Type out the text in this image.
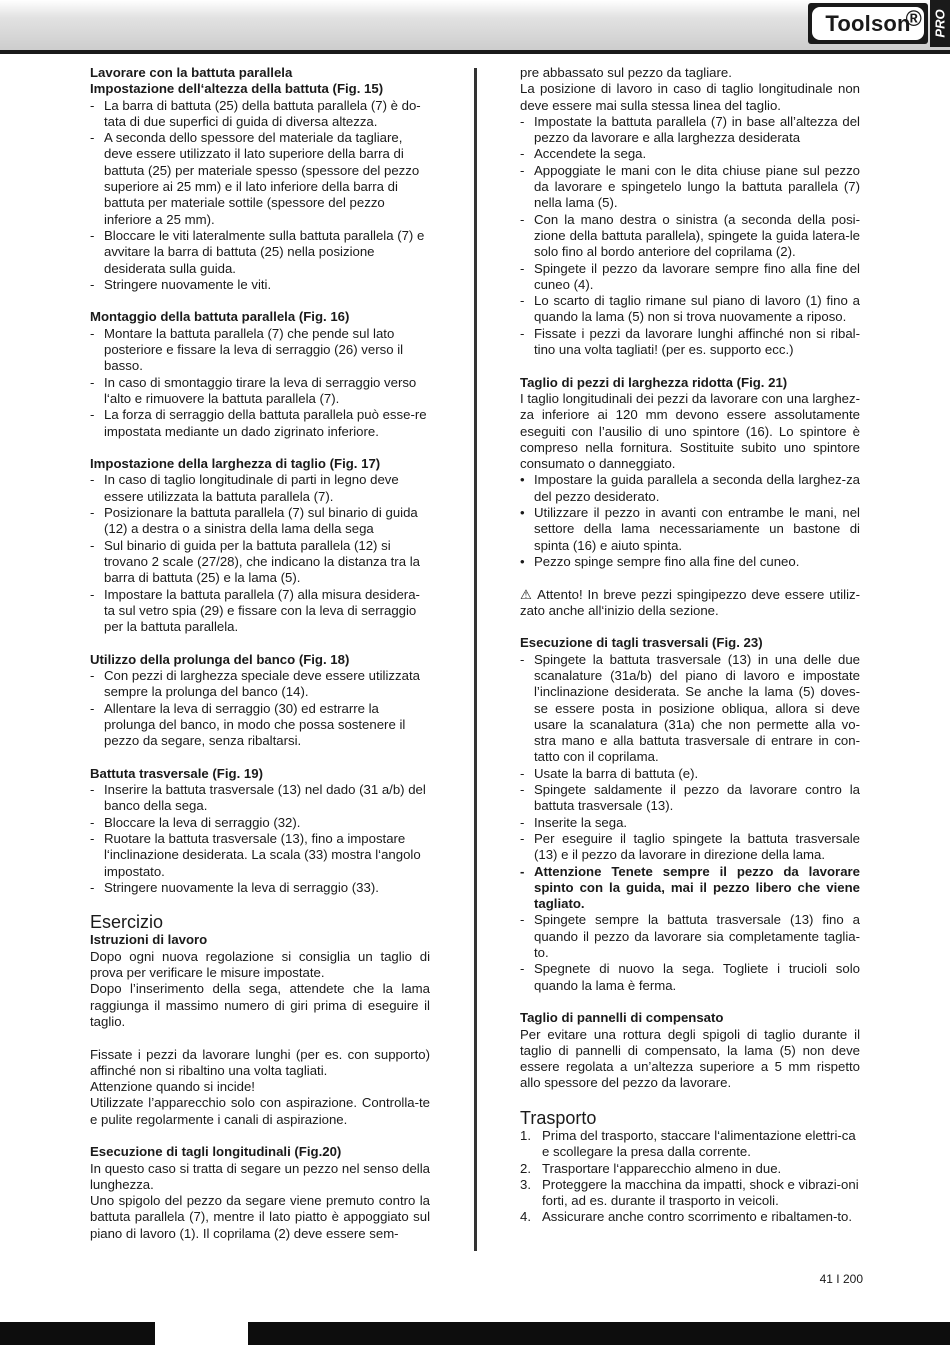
Toolson
® PRO
Lavorare con la battuta parallela
Impostazione dell‘altezza della battuta (Fig. 15)
- La barra di battuta (25) della battuta parallela (7) è do-tata di due superfici di guida di diversa altezza.
- A seconda dello spessore del materiale da tagliare, deve essere utilizzato il lato superiore della barra di battuta (25) per materiale spesso (spessore del pezzo superiore ai 25 mm) e il lato inferiore della barra di battuta per materiale sottile (spessore del pezzo inferiore a 25 mm).
- Bloccare le viti lateralmente sulla battuta parallela (7) e avvitare la barra di battuta (25) nella posizione desiderata sulla guida.
- Stringere nuovamente le viti.
Montaggio della battuta parallela (Fig. 16)
- Montare la battuta parallela (7) che pende sul lato posteriore e fissare la leva di serraggio (26) verso il basso.
- In caso di smontaggio tirare la leva di serraggio verso l‘alto e rimuovere la battuta parallela (7).
- La forza di serraggio della battuta parallela può esse-re impostata mediante un dado zigrinato inferiore.
Impostazione della larghezza di taglio (Fig. 17)
- In caso di taglio longitudinale di parti in legno deve essere utilizzata la battuta parallela (7).
- Posizionare la battuta parallela (7) sul binario di guida (12) a destra o a sinistra della lama della sega
- Sul binario di guida per la battuta parallela (12) si trovano 2 scale (27/28), che indicano la distanza tra la barra di battuta (25) e la lama (5).
- Impostare la battuta parallela (7) alla misura desidera-ta sul vetro spia (29) e fissare con la leva di serraggio per la battuta parallela.
Utilizzo della prolunga del banco (Fig. 18)
- Con pezzi di larghezza speciale deve essere utilizzata sempre la prolunga del banco (14).
- Allentare la leva di serraggio (30) ed estrarre la prolunga del banco, in modo che possa sostenere il pezzo da segare, senza ribaltarsi.
Battuta trasversale (Fig. 19)
- Inserire la battuta trasversale (13) nel dado (31 a/b) del banco della sega.
- Bloccare la leva di serraggio (32).
- Ruotare la battuta trasversale (13), fino a impostare l‘inclinazione desiderata. La scala (33) mostra l‘angolo impostato.
- Stringere nuovamente la leva di serraggio (33).
Esercizio
Istruzioni di lavoro

Dopo ogni nuova regolazione si consiglia un taglio di prova per verificare le misure impostate.

Dopo l’inserimento della sega, attendete che la lama raggiunga il massimo numero di giri prima di eseguire il taglio.

Fissate i pezzi da lavorare lunghi (per es. con supporto) affinché non si ribaltino una volta tagliati.

Attenzione quando si incide!

Utilizzate l’apparecchio solo con aspirazione. Controlla-te e pulite regolarmente i canali di aspirazione.

Esecuzione di tagli longitudinali (Fig.20)

In questo caso si tratta di segare un pezzo nel senso della lunghezza.

Uno spigolo del pezzo da segare viene premuto contro la battuta parallela (7), mentre il lato piatto è appoggiato sul piano di lavoro (1). Il coprilama (2) deve essere sem-

pre abbassato sul pezzo da tagliare.

La posizione di lavoro in caso di taglio longitudinale non deve essere mai sulla stessa linea del taglio.

- Impostate la battuta parallela (7) in base all’altezza del pezzo da lavorare e alla larghezza desiderata
- Accendete la sega.
- Appoggiate le mani con le dita chiuse piane sul pezzo da lavorare e spingetelo lungo la battuta parallela (7) nella lama (5).
- Con la mano destra o sinistra (a seconda della posi-zione della battuta parallela), spingete la guida latera-le solo fino al bordo anteriore del coprilama (2).
- Spingete il pezzo da lavorare sempre fino alla fine del cuneo (4).
- Lo scarto di taglio rimane sul piano di lavoro (1) fino a quando la lama (5) non si trova nuovamente a riposo.
- Fissate i pezzi da lavorare lunghi affinché non si ribal-tino una volta tagliati! (per es. supporto ecc.)
Taglio di pezzi di larghezza ridotta (Fig. 21)

I taglio longitudinali dei pezzi da lavorare con una larghez-za inferiore ai 120 mm devono essere assolutamente eseguiti con l’ausilio di uno spintore (16). Lo spintore è compreso nella fornitura. Sostituite subito uno spintore consumato o danneggiato.

• Impostare la guida parallela a seconda della larghez-za del pezzo desiderato.
• Utilizzare il pezzo in avanti con entrambe le mani, nel settore della lama necessariamente un bastone di spinta (16) e aiuto spinta.
• Pezzo spinge sempre fino alla fine del cuneo.

⚠ Attento! In breve pezzi spingipezzo deve essere utiliz-zato anche all‘inizio della sezione.

Esecuzione di tagli trasversali (Fig. 23)
- Spingete la battuta trasversale (13) in una delle due scanalature (31a/b) del piano di lavoro e impostate l’inclinazione desiderata. Se anche la lama (5) doves-se essere posta in posizione obliqua, allora si deve usare la scanalatura (31a) che non permette alla vo-stra mano e alla battuta trasversale di entrare in con-tatto con il coprilama.
- Usate la barra di battuta (e).
- Spingete saldamente il pezzo da lavorare contro la battuta trasversale (13).
- Inserite la sega.
- Per eseguire il taglio spingete la battuta trasversale (13) e il pezzo da lavorare in direzione della lama.
- Attenzione Tenete sempre il pezzo da lavorare spinto con la guida, mai il pezzo libero che viene tagliato.
- Spingete sempre la battuta trasversale (13) fino a quando il pezzo da lavorare sia completamente taglia-to.
- Spegnete di nuovo la sega. Togliete i trucioli solo quando la lama è ferma.
Taglio di pannelli di compensato

Per evitare una rottura degli spigoli di taglio durante il taglio di pannelli di compensato, la lama (5) non deve essere regolata a un’altezza superiore a 5 mm rispetto allo spessore del pezzo da lavorare.

Trasporto
1. Prima del trasporto, staccare l‘alimentazione elettri-ca e scollegare la presa dalla corrente.
2. Trasportare l‘apparecchio almeno in due.
3. Proteggere la macchina da impatti, shock e vibrazi-oni forti, ad es. durante il trasporto in veicoli.
4. Assicurare anche contro scorrimento e ribaltamen-to.
41 I 200
